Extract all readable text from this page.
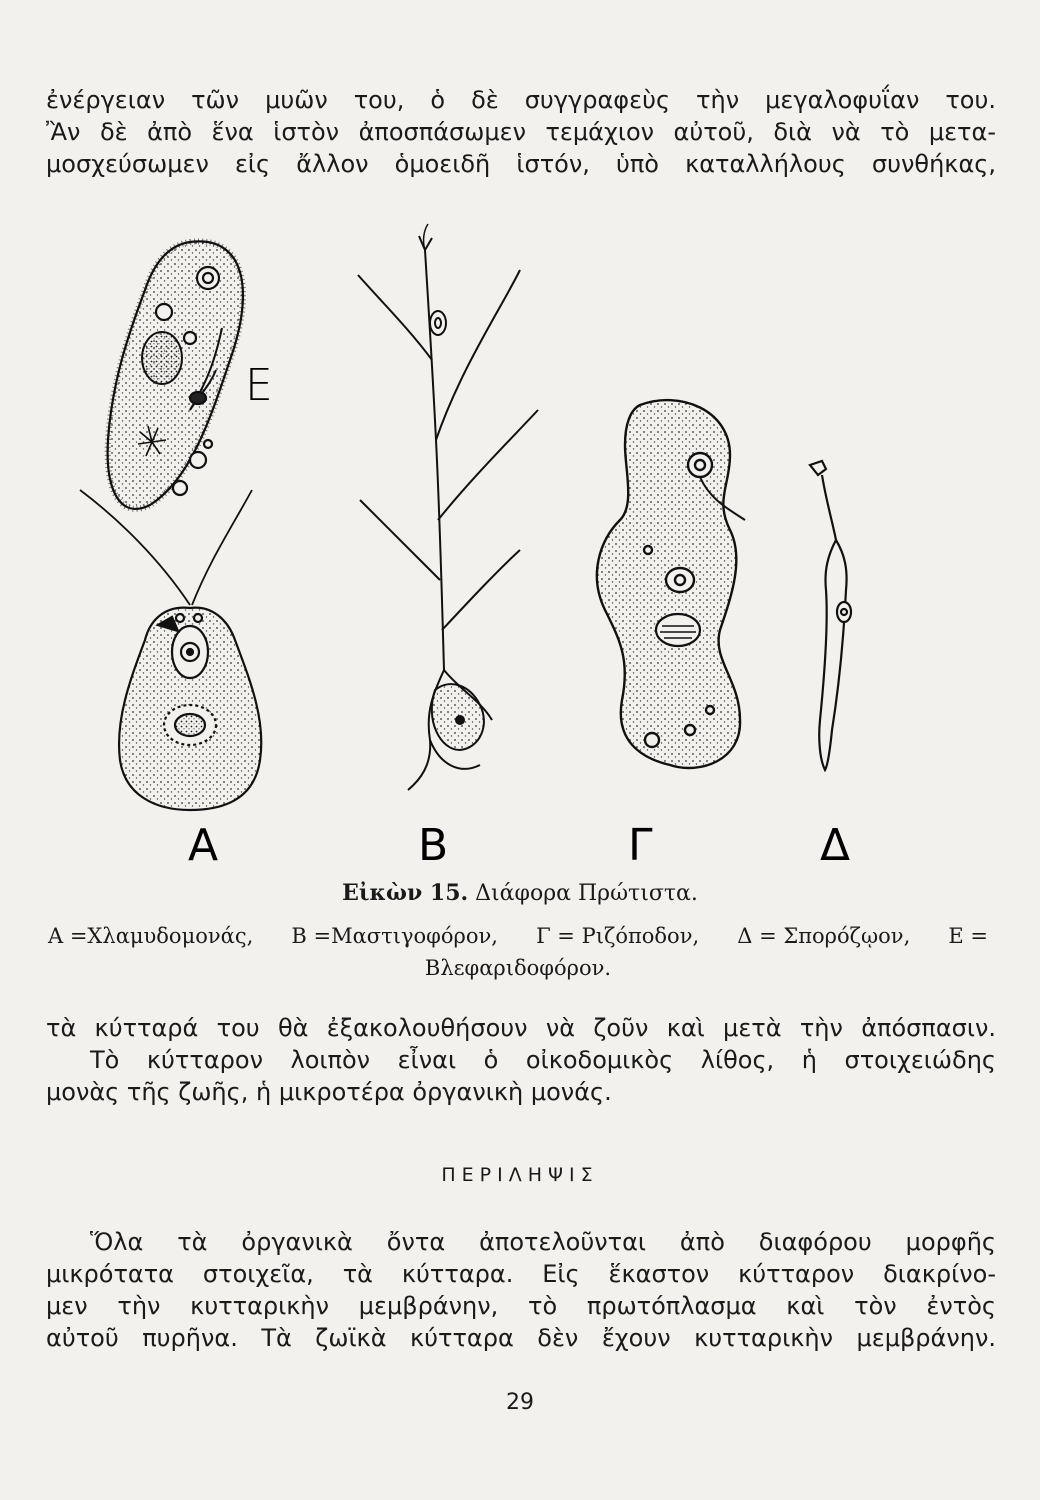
ἐνέργειαν τῶν μυῶν του, ὁ δὲ συγγραφεὺς τὴν μεγαλοφυΐαν του.
Ἂν δὲ ἀπὸ ἕνα ἱστὸν ἀποσπάσωμεν τεμάχιον αὐτοῦ, διὰ νὰ τὸ μετα-
μοσχεύσωμεν εἰς ἄλλον ὁμοειδῆ ἱστόν, ὑπὸ καταλλήλους συνθήκας,

Ε
Α	Β	Γ	Δ
Εἰκὼν 15. Διάφορα Πρώτιστα.
Α =Χλαμυδομονάς, Β =Μαστιγοφόρον, Γ = Ριζόποδον, Δ = Σπορόζῳον, Ε =
Βλεφαριδοφόρον.

τὰ κύτταρά του θὰ ἐξακολουθήσουν νὰ ζοῦν καὶ μετὰ τὴν ἀπόσπασιν.
Τὸ κύτταρον λοιπὸν εἶναι ὁ οἰκοδομικὸς λίθος, ἡ στοιχειώδης
μονὰς τῆς ζωῆς, ἡ μικροτέρα ὀργανικὴ μονάς.

ΠΕΡΙΛΗΨΙΣ

Ὅλα τὰ ὀργανικὰ ὄντα ἀποτελοῦνται ἀπὸ διαφόρου μορφῆς
μικρότατα στοιχεῖα, τὰ κύτταρα. Εἰς ἕκαστον κύτταρον διακρίνο-
μεν τὴν κυτταρικὴν μεμβράνην, τὸ πρωτόπλασμα καὶ τὸν ἐντὸς
αὐτοῦ πυρῆνα. Τὰ ζωϊκὰ κύτταρα δὲν ἔχουν κυτταρικὴν μεμβράνην.

29
